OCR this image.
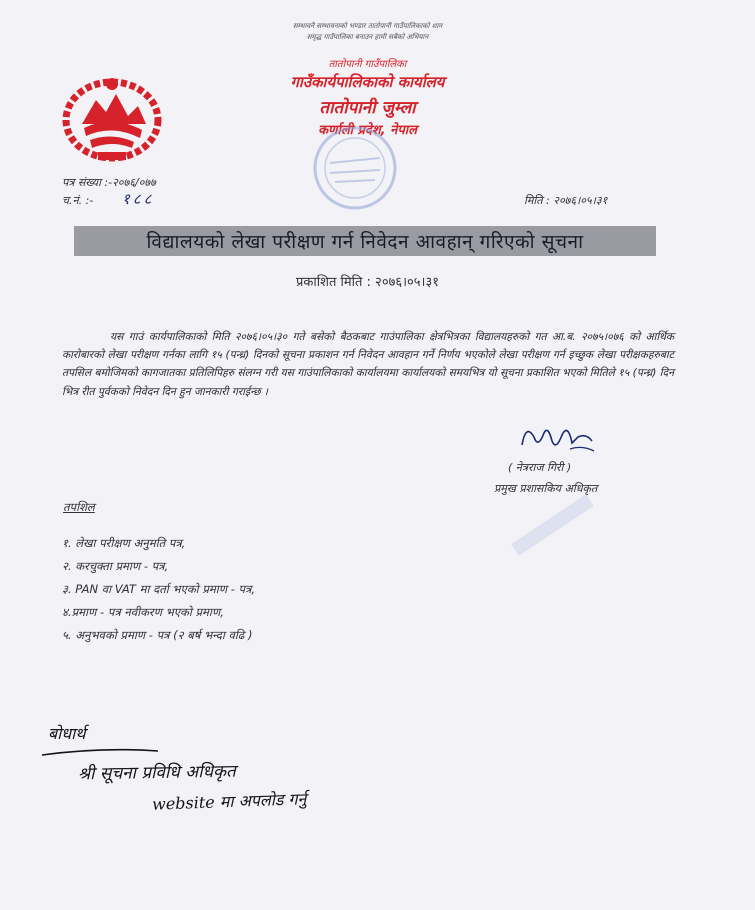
सम्भावनै सम्भावनाको भण्डार तातोपानी गाउँपालिकाको शान
समृद्ध गाउँपालिका बनाउन हामी सबैको अभियान
तातोपानी गाउँपालिका
गाउँकार्यपालिकाको कार्यालय
तातोपानी जुम्ला
कर्णाली प्रदेश, नेपाल
पत्र संख्या :-२०७६/०७७
च.नं. :- १८८	मिति : २०७६।०५।३१
विद्यालयको लेखा परीक्षण गर्न निवेदन आवहान् गरिएको सूचना
प्रकाशित मिति : २०७६।०५।३१
यस गाउं कार्यपालिकाको मिति २०७६।०५।३० गते बसेको बैठकबाट गाउंपालिका क्षेत्रभित्रका विद्यालयहरुको गत आ.ब. २०७५।०७६ को आर्थिक कारोबारको लेखा परीक्षण गर्नका लागि १५ (पन्ध्र) दिनको सूचना प्रकाशन गर्न निवेदन आवहान गर्ने निर्णय भएकोले लेखा परीक्षण गर्न इच्छुक लेखा परीक्षकहरुबाट तपसिल बमोजिमको कागजातका प्रतिलिपिहरु संलग्न गरी यस गाउंपालिकाको कार्यालयमा कार्यालयको समयभित्र यो सूचना प्रकाशित भएको मितिले १५ (पन्ध्र) दिन भित्र रीत पुर्वकको निवेदन दिन हुन जानकारी गराईन्छ ।
( नेत्रराज गिरी )
प्रमुख प्रशासकिय अधिकृत
तपशिल
१. लेखा परीक्षण अनुमति पत्र,
२. करचुक्ता प्रमाण - पत्र,
३. PAN वा VAT मा दर्ता भएको प्रमाण - पत्र,
४.प्रमाण - पत्र नवीकरण भएको प्रमाण,
५. अनुभवको प्रमाण - पत्र (२ बर्ष भन्दा वढि )
बोधार्थ
श्री सूचना प्रविधि अधिकृत
website मा अपलोड गर्नु
